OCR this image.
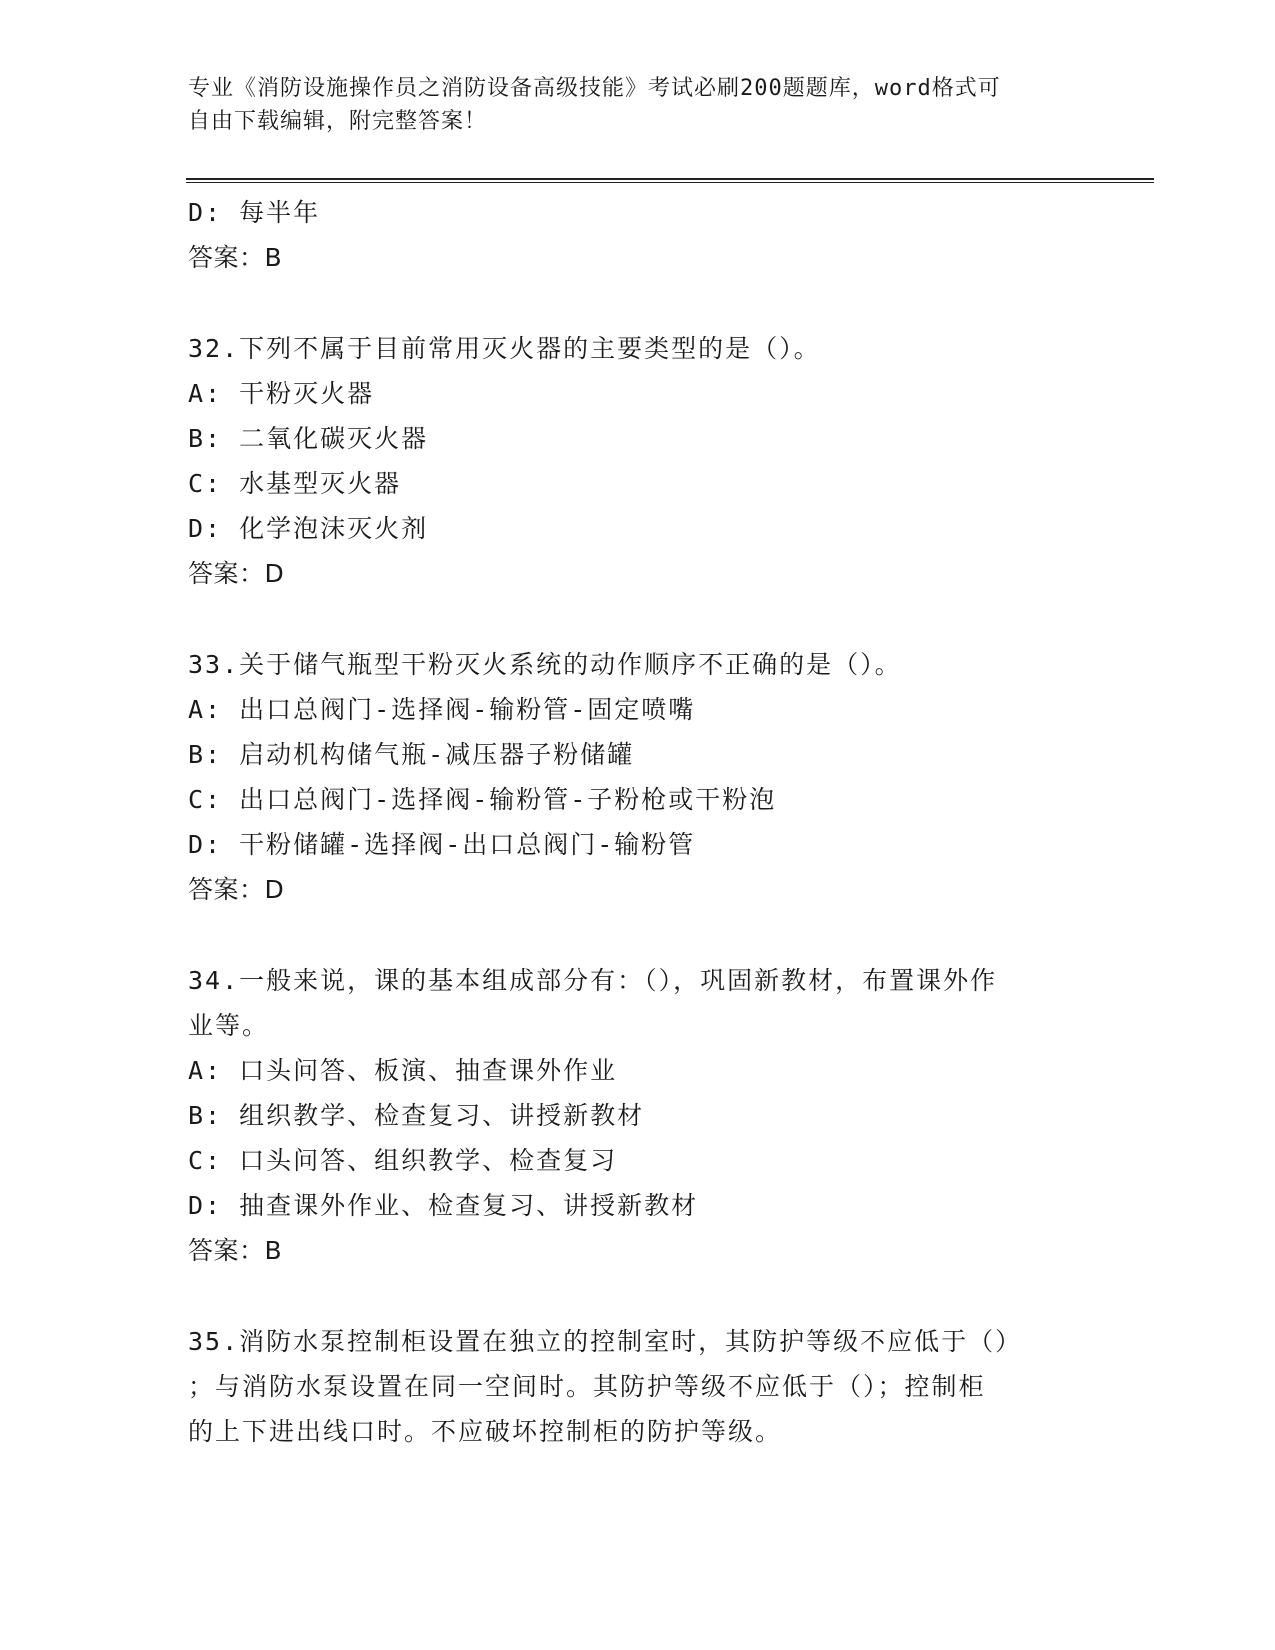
专业《消防设施操作员之消防设备高级技能》考试必刷200题题库，word格式可
自由下载编辑，附完整答案！
D: 每半年
答案：B
32.下列不属于目前常用灭火器的主要类型的是（）。
A: 干粉灭火器
B: 二氧化碳灭火器
C: 水基型灭火器
D: 化学泡沫灭火剂
答案：D
33.关于储气瓶型干粉灭火系统的动作顺序不正确的是（）。
A: 出口总阀门-选择阀-输粉管-固定喷嘴
B: 启动机构储气瓶-减压器子粉储罐
C: 出口总阀门-选择阀-输粉管-子粉枪或干粉泡
D: 干粉储罐-选择阀-出口总阀门-输粉管
答案：D
34.一般来说，课的基本组成部分有：（），巩固新教材，布置课外作
业等。
A: 口头问答、板演、抽查课外作业
B: 组织教学、检查复习、讲授新教材
C: 口头问答、组织教学、检查复习
D: 抽查课外作业、检查复习、讲授新教材
答案：B
35.消防水泵控制柜设置在独立的控制室时，其防护等级不应低于（）
；与消防水泵设置在同一空间时。其防护等级不应低于（）；控制柜
的上下进出线口时。不应破坏控制柜的防护等级。
